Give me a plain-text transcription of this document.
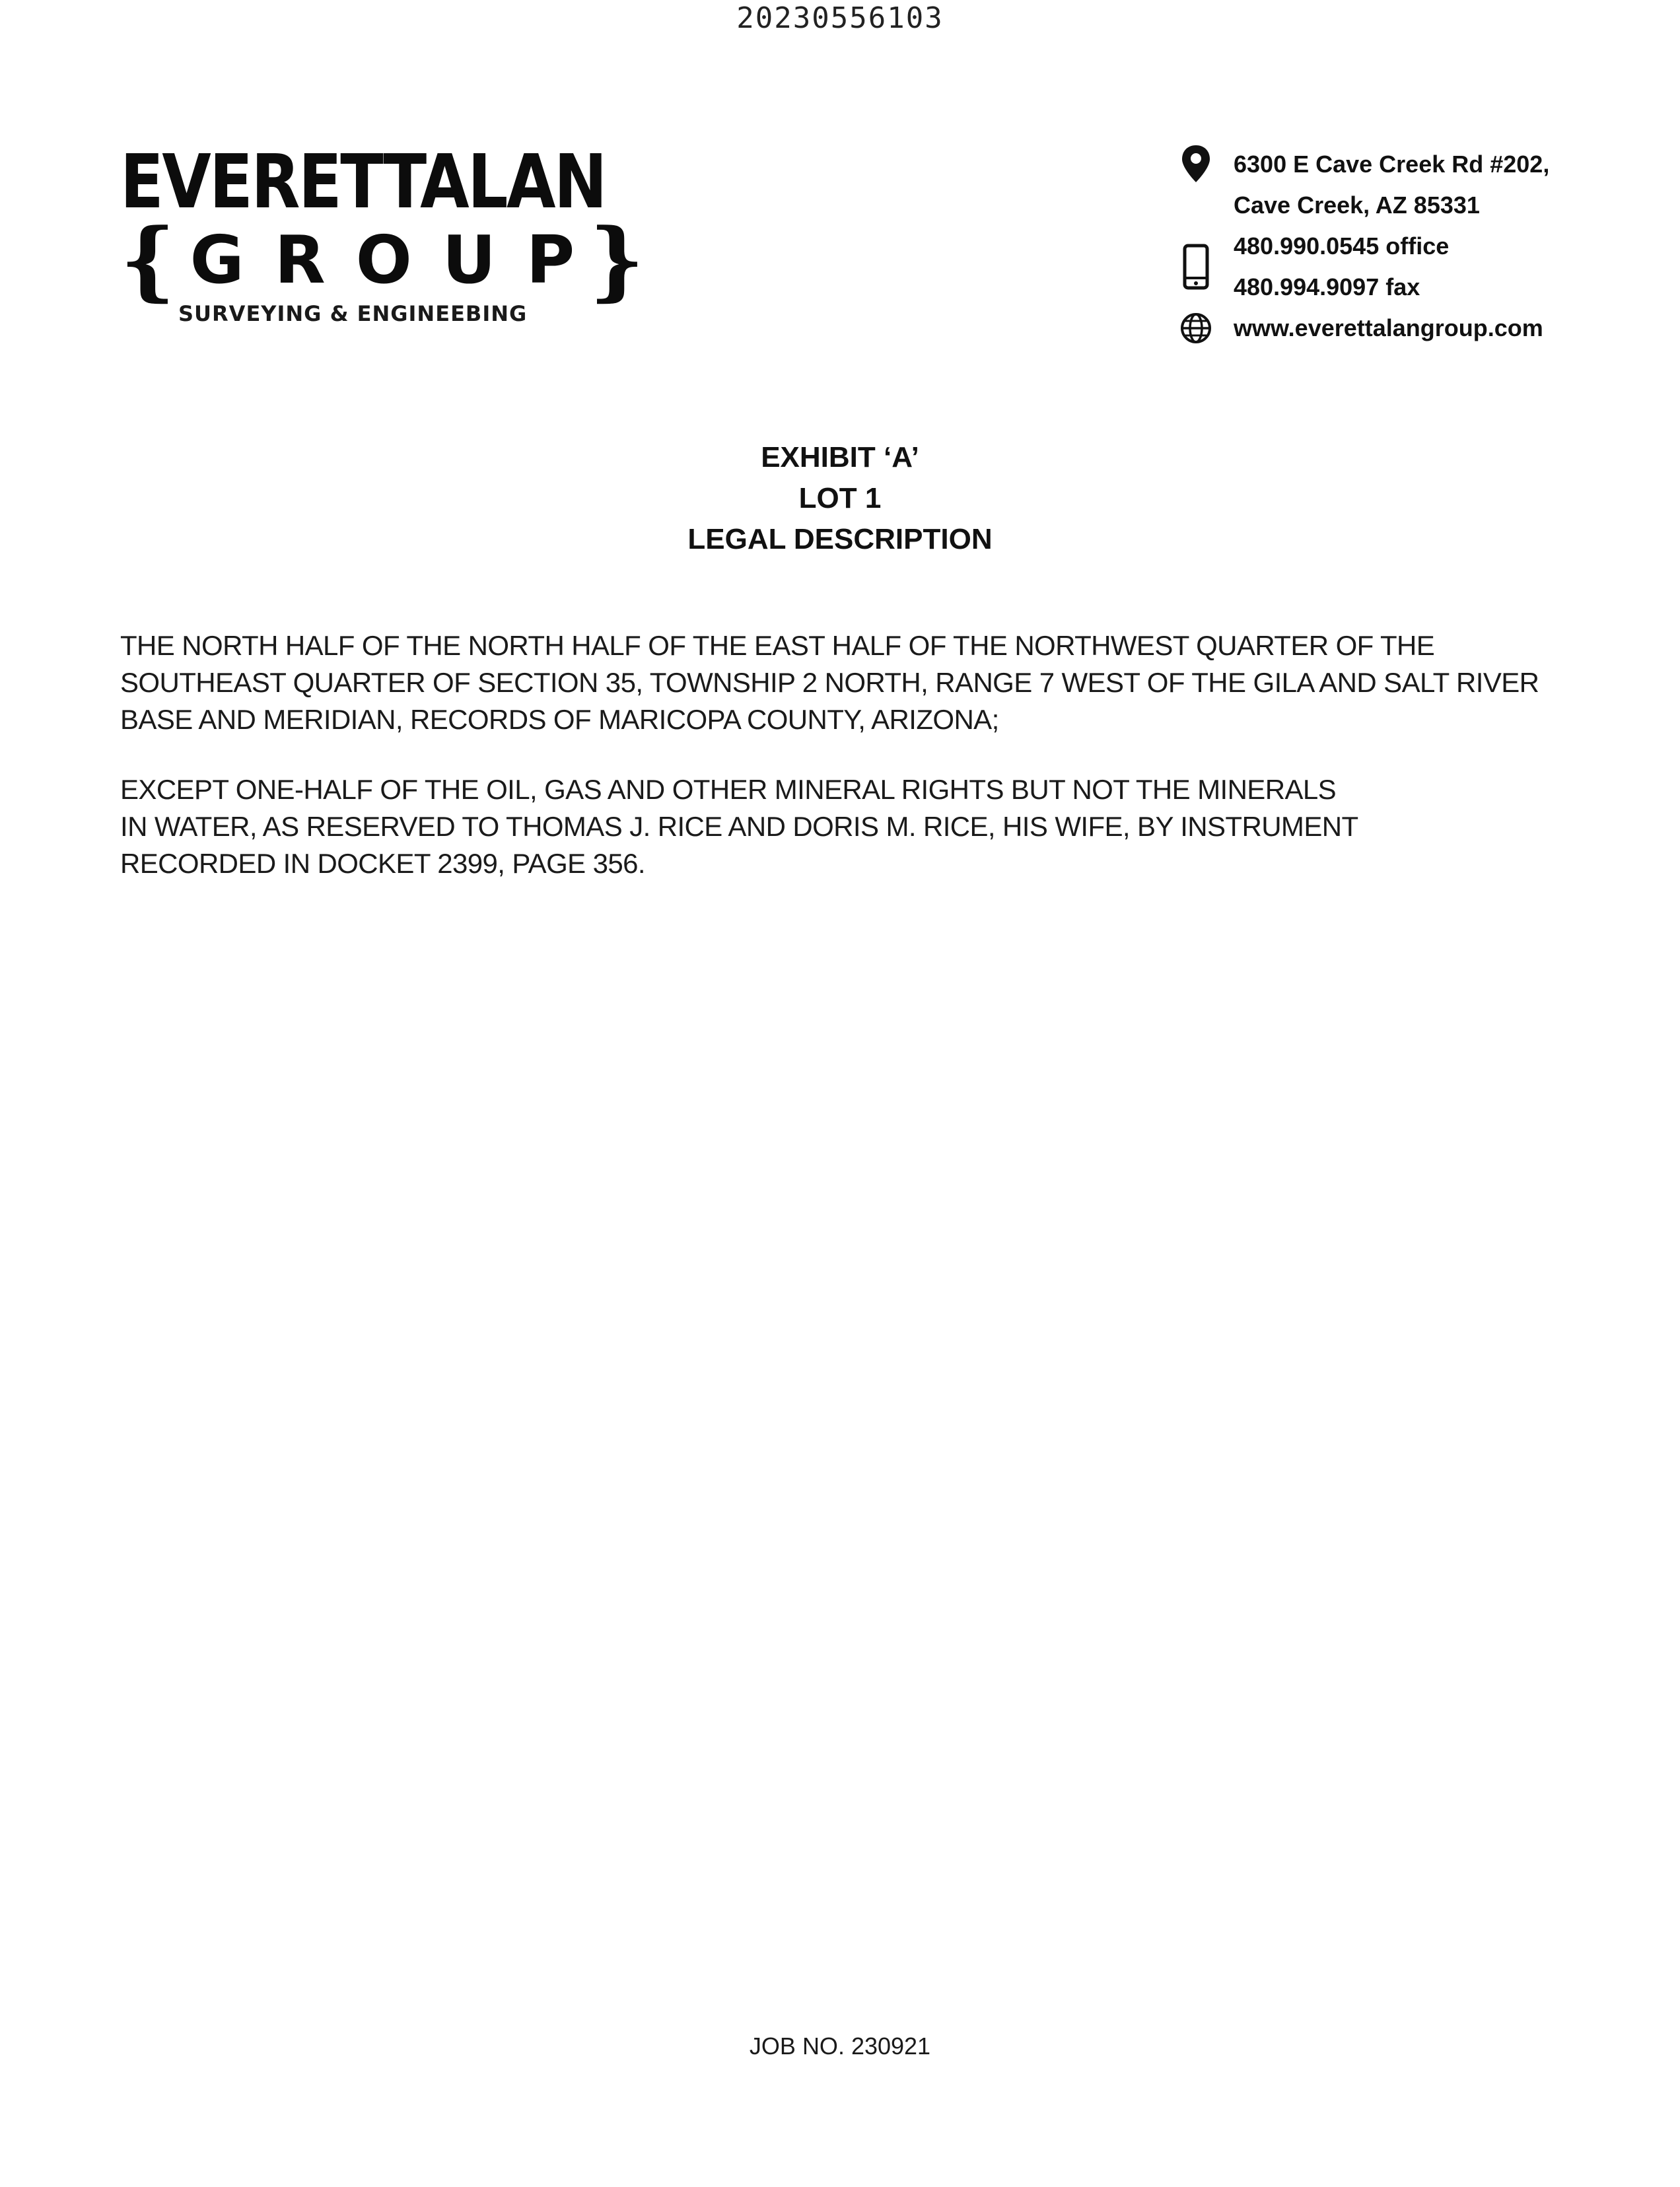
20230556103
EVERETTALAN
{ GROUP
}
SURVEYING & ENGINEEBING
6300 E Cave Creek Rd #202,
Cave Creek, AZ 85331
480.990.0545 office
480.994.9097 fax
www.everettalangroup.com
EXHIBIT ‘A’
LOT 1
LEGAL DESCRIPTION
THE NORTH HALF OF THE NORTH HALF OF THE EAST HALF OF THE NORTHWEST QUARTER OF THE
SOUTHEAST QUARTER OF SECTION 35, TOWNSHIP 2 NORTH, RANGE 7 WEST OF THE GILA AND SALT RIVER
BASE AND MERIDIAN, RECORDS OF MARICOPA COUNTY, ARIZONA;
EXCEPT ONE-HALF OF THE OIL, GAS AND OTHER MINERAL RIGHTS BUT NOT THE MINERALS
IN WATER, AS RESERVED TO THOMAS J. RICE AND DORIS M. RICE, HIS WIFE, BY INSTRUMENT
RECORDED IN DOCKET 2399, PAGE 356.
JOB NO. 230921
